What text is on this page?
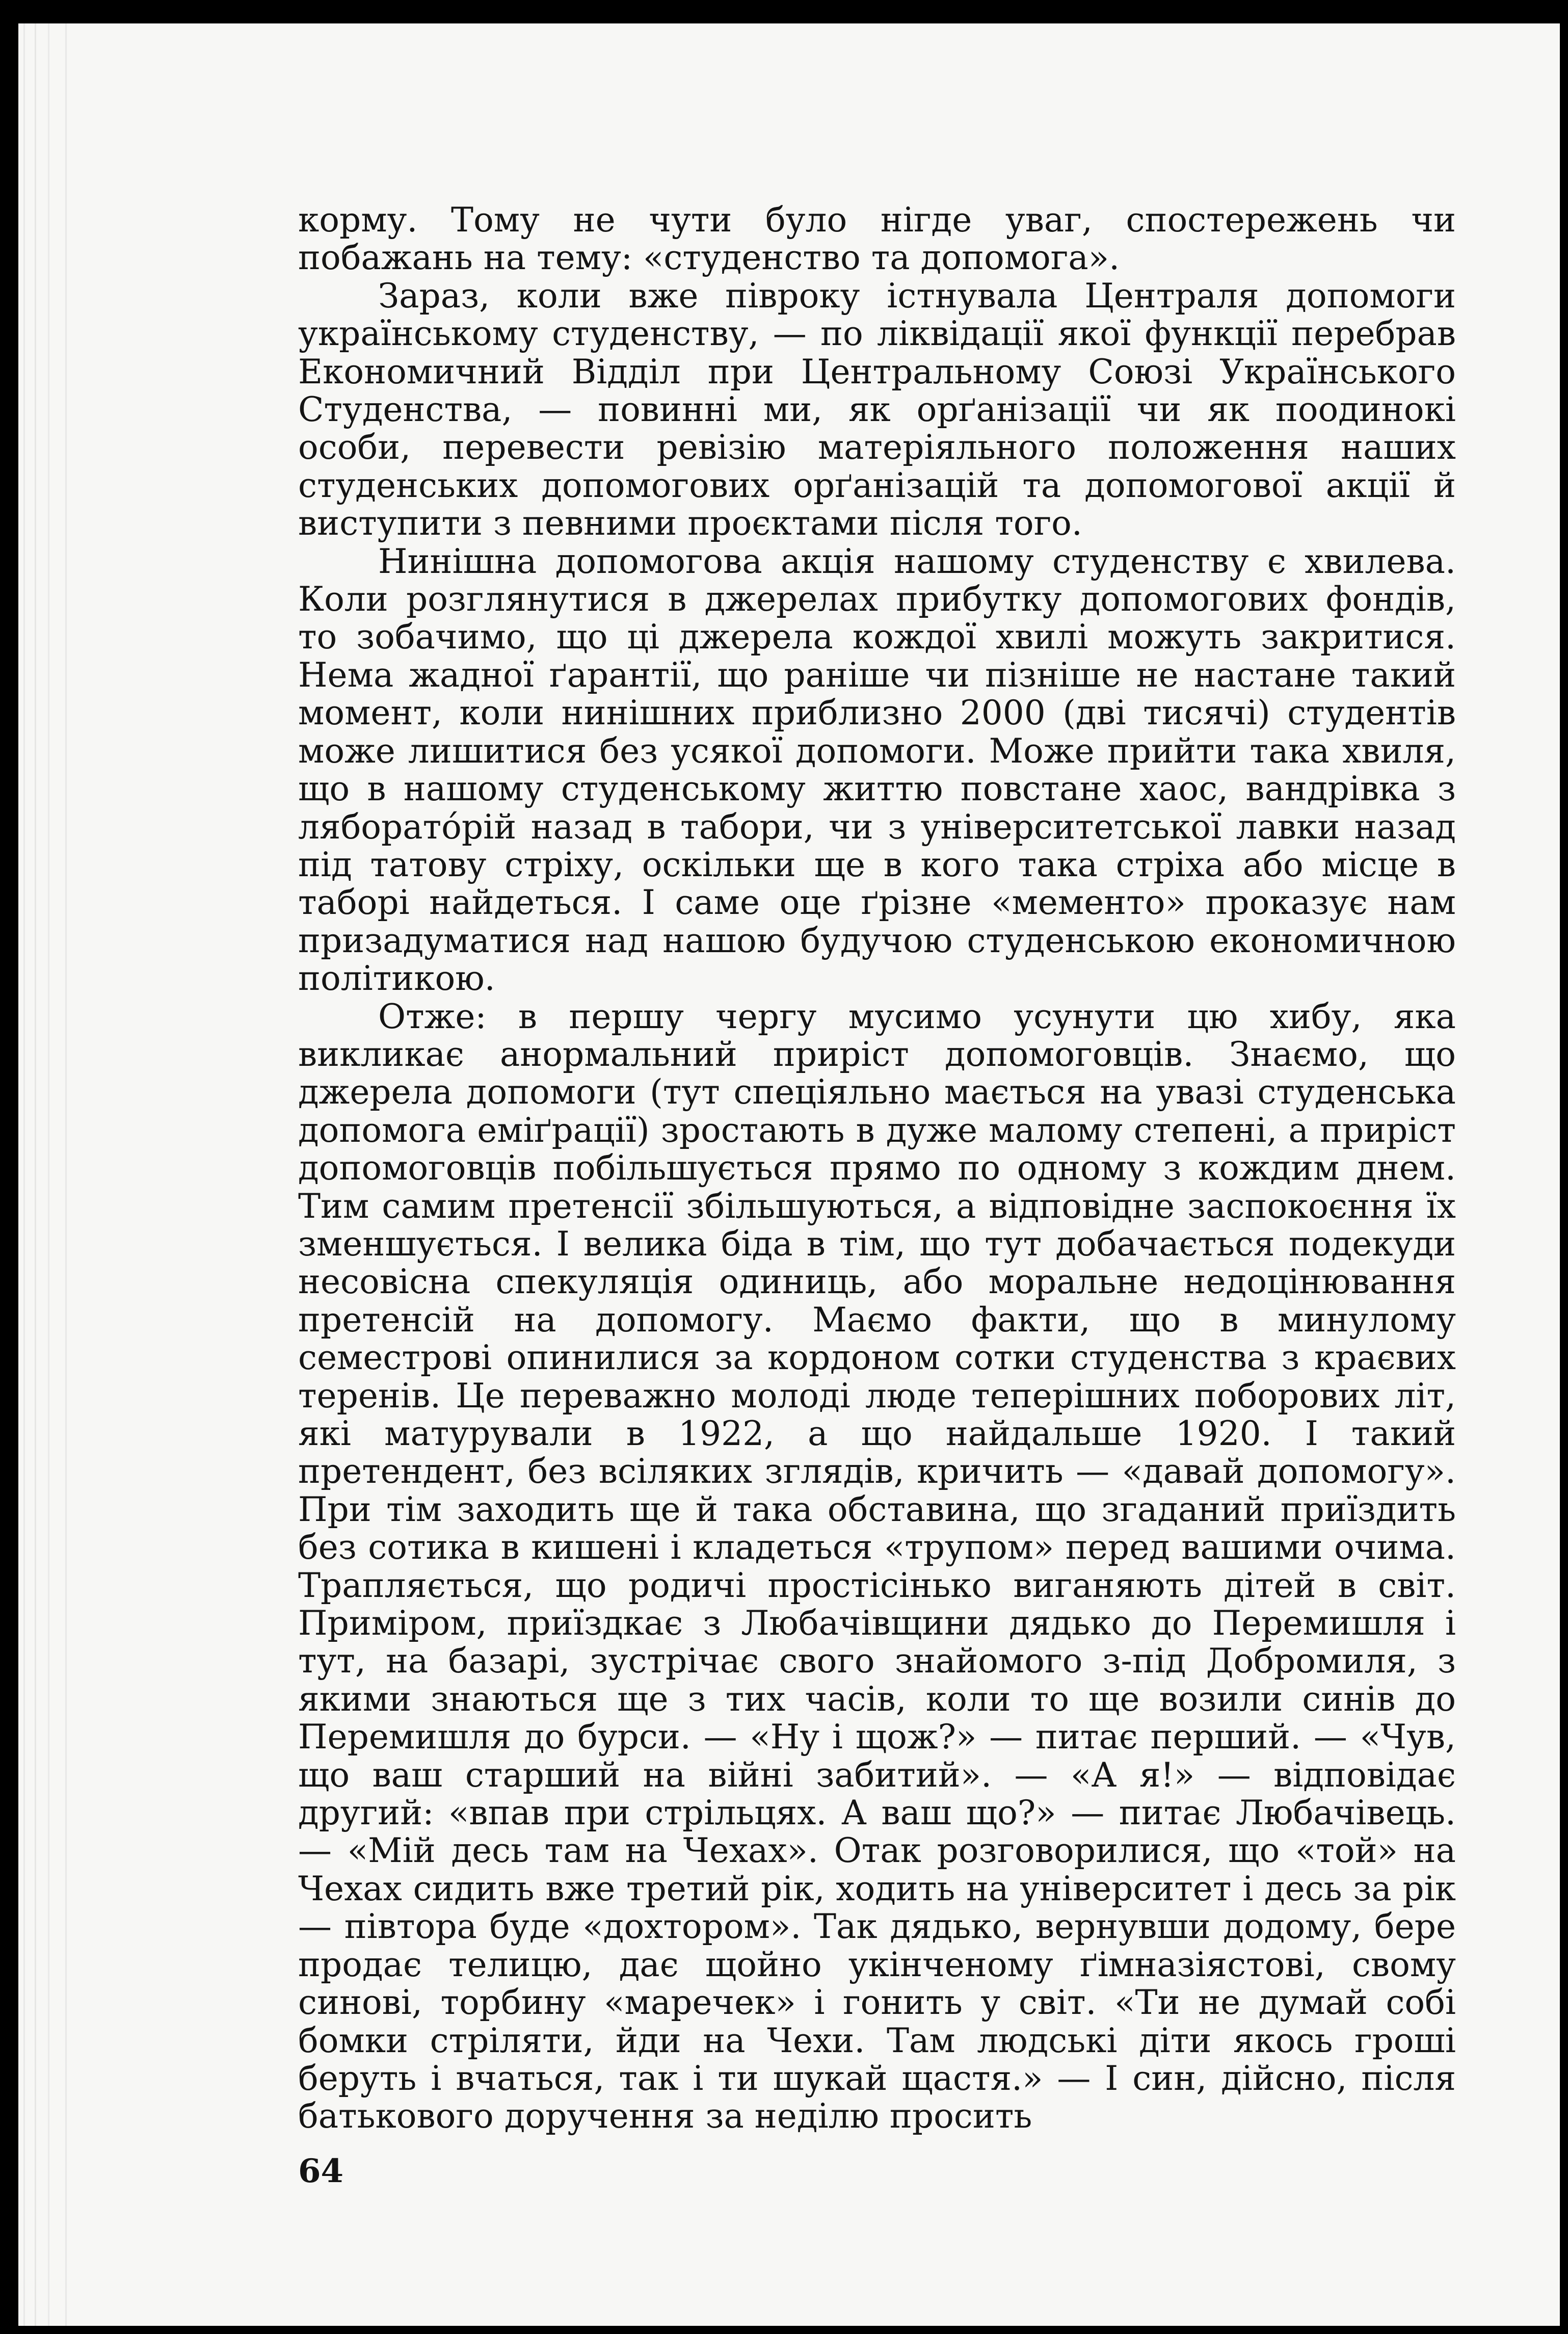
корму. Тому не чути було нігде уваг, спостережень чи побажань на тему: «студенство та допомога».

Зараз, коли вже півроку істнувала Централя допомоги українському студенству, — по ліквідації якої функції перебрав Економичний Відділ при Центральному Союзі Українського Студенства, — повинні ми, як орґанізації чи як поодинокі особи, перевести ревізію матеріяльного положення наших студенських допомогових орґанізацій та допомогової акції й виступити з певними проєктами після того.

Нинішна допомогова акція нашому студенству є хвилева. Коли розглянутися в джерелах прибутку допомогових фондів, то зобачимо, що ці джерела кождої хвилі можуть закритися. Нема жадної ґарантії, що раніше чи пізніше не настане такий момент, коли нинішних приблизно 2000 (дві тисячі) студентів може лишитися без усякої допомоги. Може прийти така хвиля, що в нашому студенському життю повстане хаос, вандрівка з ляборато́рій назад в табори, чи з університетської лавки назад під татову стріху, оскільки ще в кого така стріха або місце в таборі найдеться. І саме оце ґрізне «мементо» проказує нам призадуматися над нашою будучою студенською економичною політикою.

Отже: в першу чергу мусимо усунути цю хибу, яка викликає анормальний приріст допомоговців. Знаємо, що джерела допомоги (тут спеціяльно мається на увазі студенська допомога еміґрації) зростають в дуже малому степені, а приріст допомоговців побільшується прямо по одному з кождим днем. Тим самим претенсії збільшуються, а відповідне заспокоєння їх зменшується. І велика біда в тім, що тут добачається подекуди несовісна спекуляція одиниць, або моральне недоцінювання претенсій на допомогу. Маємо факти, що в минулому семестрові опинилися за кордоном сотки студенства з краєвих теренів. Це переважно молоді люде теперішних поборових літ, які матурували в 1922, а що найдальше 1920. І такий претендент, без всіляких зглядів, кричить — «давай допомогу». При тім заходить ще й така обставина, що згаданий приїздить без сотика в кишені і кладеться «трупом» перед вашими очима. Трапляється, що родичі простісінько виганяють дітей в світ. Приміром, приїздкає з Любачівщини дядько до Перемишля і тут, на базарі, зустрічає свого знайомого з-під Добромиля, з якими знаються ще з тих часів, коли то ще возили синів до Перемишля до бурси. — «Ну і щож?» — питає перший. — «Чув, що ваш старший на війні забитий». — «А я!» — відповідає другий: «впав при стрільцях. А ваш що?» — питає Любачівець. — «Мій десь там на Чехах». Отак розговорилися, що «той» на Чехах сидить вже третий рік, ходить на університет і десь за рік — півтора буде «дохтором». Так дядько, вернувши додому, бере продає телицю, дає щойно укінченому ґімназіястові, свому синові, торбину «маречек» і гонить у світ. «Ти не думай собі бомки стріляти, йди на Чехи. Там людські діти якось гроші беруть і вчаться, так і ти шукай щастя.» — І син, дійсно, після батькового доручення за неділю просить

64
